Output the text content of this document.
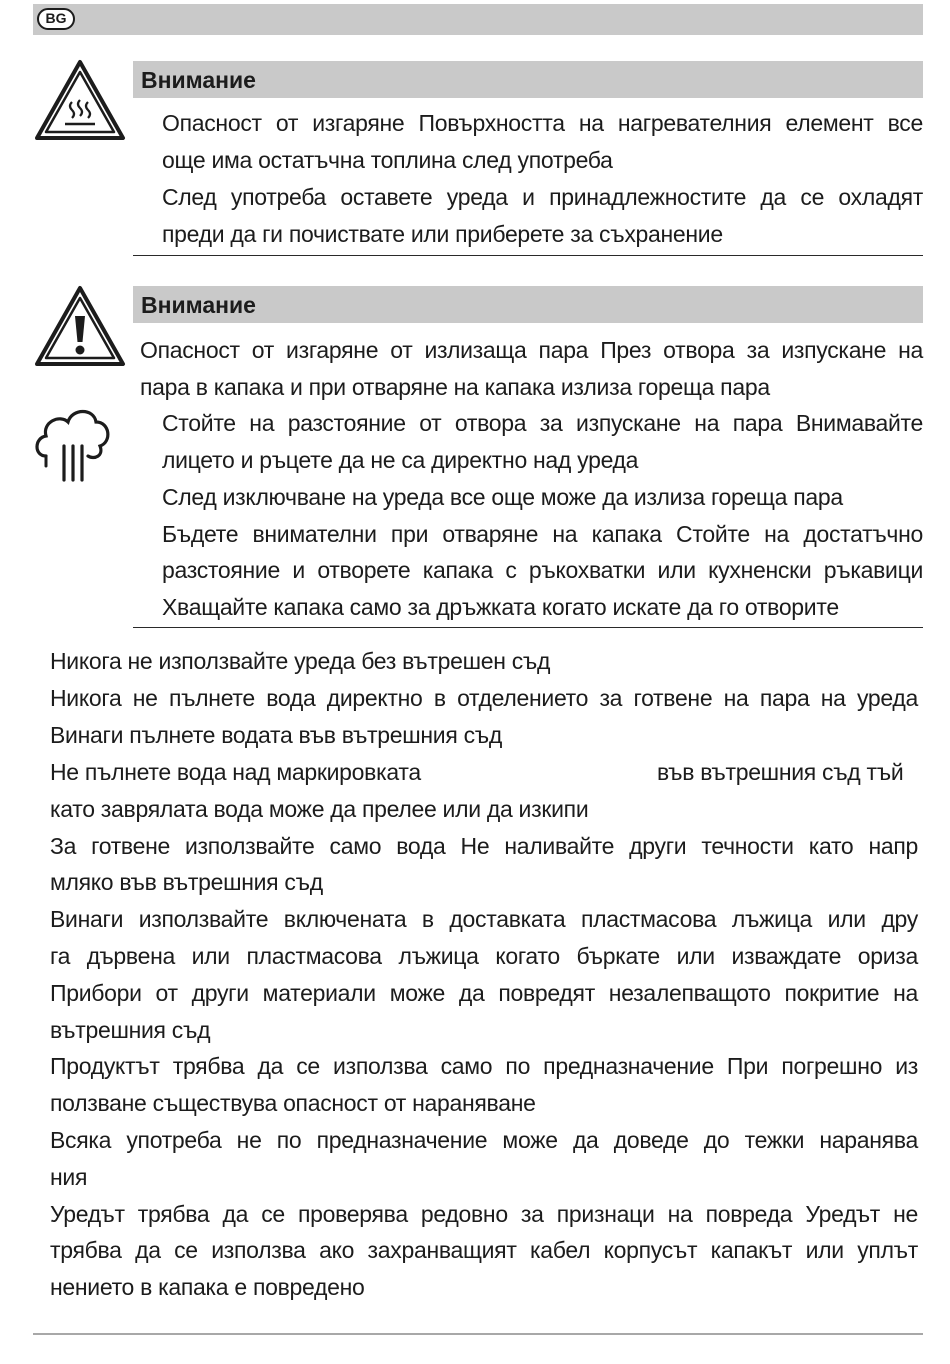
BG
Внимание
Опасност от изгаряне Повърхността на нагревателния елемент все
още има остатъчна топлина след употреба
След употреба оставете уреда и принадлежностите да се охладят
преди да ги почиствате или приберете за съхранение
Внимание
Опасност от изгаряне от излизаща пара През отвора за изпускане на
пара в капака и при отваряне на капака излиза гореща пара
Стойте на разстояние от отвора за изпускане на пара Внимавайте
лицето и ръцете да не са директно над уреда
След изключване на уреда все още може да излиза гореща пара
Бъдете внимателни при отваряне на капака Стойте на достатъчно
разстояние и отворете капака с ръкохватки или кухненски ръкавици
Хващайте капака само за дръжката когато искате да го отворите
Никога не използвайте уреда без вътрешен съд
Никога не пълнете вода директно в отделението за готвене на пара на уреда
Винаги пълнете водата във вътрешния съд
Не пълнете вода над маркировката	във вътрешния съд тъй
като заврялата вода може да прелее или да изкипи
За готвене използвайте само вода Не наливайте други течности като напр
мляко във вътрешния съд
Винаги използвайте включената в доставката пластмасова лъжица или дру
га дървена или пластмасова лъжица когато бъркате или изваждате ориза
Прибори от други материали може да повредят незалепващото покритие на
вътрешния съд
Продуктът трябва да се използва само по предназначение При погрешно из
ползване съществува опасност от нараняване
Всяка употреба не по предназначение може да доведе до тежки наранява
ния
Уредът трябва да се проверява редовно за признаци на повреда Уредът не
трябва да се използва ако захранващият кабел корпусът капакът или уплът
нението в капака е повредено
